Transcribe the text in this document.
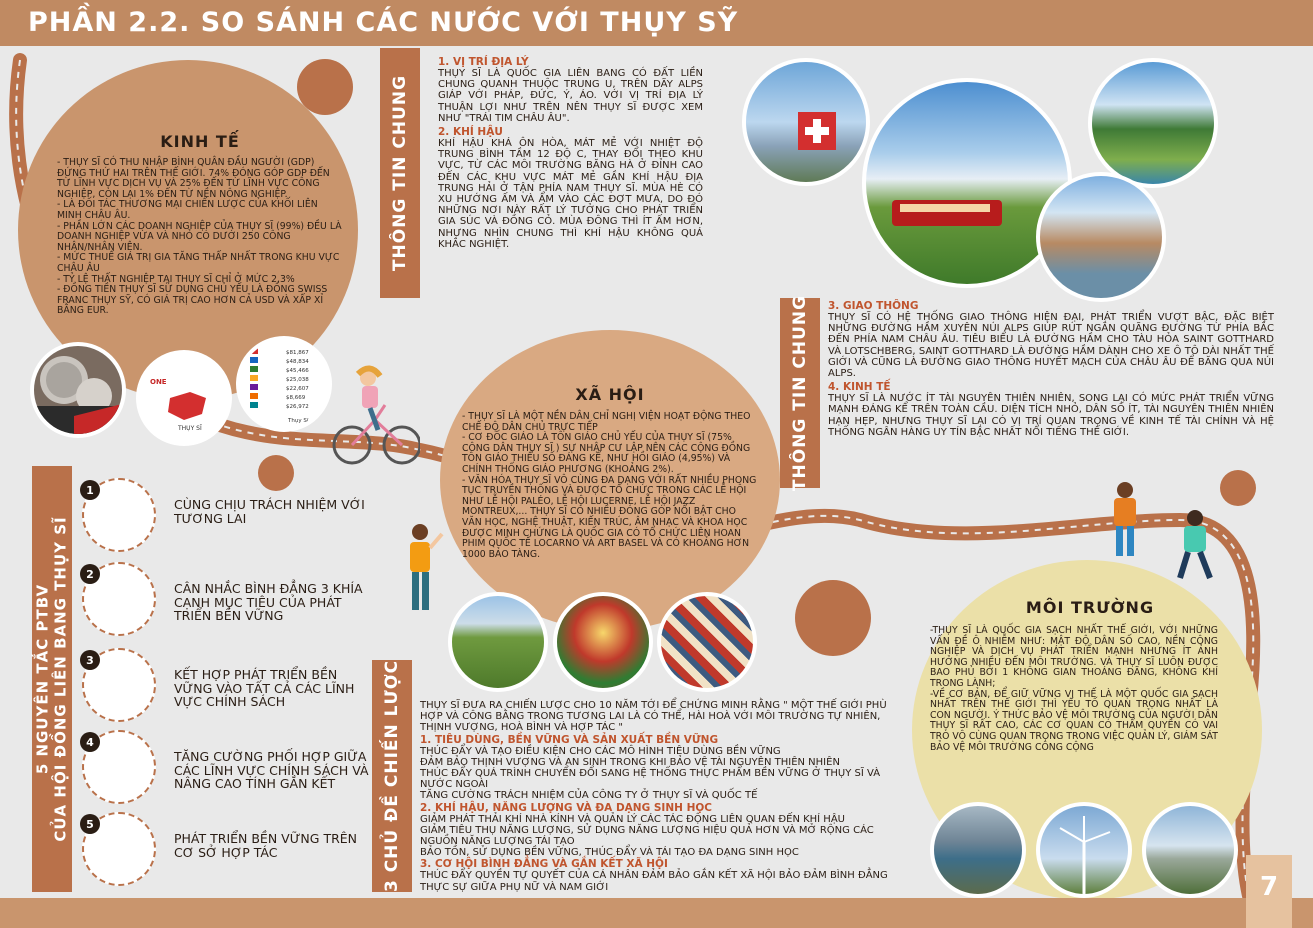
PHẦN 2.2. SO SÁNH CÁC NƯỚC VỚI THỤY SỸ
KINH TẾ
- THỤY SĨ CÓ THU NHẬP BÌNH QUÂN ĐẦU NGƯỜI (GDP) ĐỨNG THỨ HAI TRÊN THẾ GIỚI. 74% ĐÓNG GÓP GDP ĐẾN TỪ LĨNH VỰC DỊCH VỤ VÀ 25% ĐẾN TỪ LĨNH VỰC CÔNG NGHIỆP, CÒN LẠI 1% ĐẾN TỪ NỀN NÔNG NGHIỆP.
- LÀ ĐỐI TÁC THƯƠNG MẠI CHIẾN LƯỢC CỦA KHỐI LIÊN MINH CHÂU ÂU.
- PHẦN LỚN CÁC DOANH NGHIỆP CỦA THỤY SĨ (99%) ĐỀU LÀ DOANH NGHIỆP VỪA VÀ NHỎ CÓ DƯỚI 250 CÔNG NHÂN/NHÂN VIÊN.
- MỨC THUẾ GIÁ TRỊ GIA TĂNG THẤP NHẤT TRONG KHU VỰC CHÂU ÂU
- TỶ LỆ THẤT NGHIỆP TẠI THỤY SĨ CHỈ Ở MỨC 2,3%
- ĐỒNG TIỀN THỤY SĨ SỬ DỤNG CHỦ YẾU LÀ ĐỒNG SWISS FRANC THỤY SỸ, CÓ GIÁ TRỊ CAO HƠN CẢ USD VÀ XẤP XỈ BẰNG EUR.
ONE
THỤY SĨ
$81,867
$48,834
$45,466
$25,038
$22,607
$8,669
$26,972
Thụy Sĩ
THÔNG TIN CHUNG
1. VỊ TRÍ ĐỊA LÝ
THỤY SĨ LÀ QUỐC GIA LIÊN BANG CÓ ĐẤT LIỀN CHUNG QUANH THUỘC TRUNG U, TRÊN DÃY ALPS GIÁP VỚI PHÁP, ĐỨC, Ý, ÁO. VỚI VỊ TRÍ ĐỊA LÝ THUẬN LỢI NHƯ TRÊN NÊN THỤY SĨ ĐƯỢC XEM NHƯ "TRÁI TIM CHÂU ÂU".
2. KHÍ HẬU
KHÍ HẬU KHÁ ÔN HÒA, MÁT MẺ VỚI NHIỆT ĐỘ TRUNG BÌNH TẦM 12 ĐỘ C, THAY ĐỔI THEO KHU VỰC, TỪ CÁC MÔI TRƯỜNG BĂNG HÀ Ở ĐỈNH CAO ĐẾN CÁC KHU VỰC MÁT MẺ GẦN KHÍ HẬU ĐỊA TRUNG HẢI Ở TẬN PHÍA NAM THỤY SĨ. MÙA HÈ CÓ XU HƯỚNG ẤM VÀ ẨM VÀO CÁC ĐỢT MƯA, DO ĐÓ NHỮNG NƠI NÀY RẤT LÝ TƯỞNG CHO PHÁT TRIỂN GIA SÚC VÀ ĐỒNG CỎ. MÙA ĐÔNG THÌ ÍT ẤM HƠN, NHƯNG NHÌN CHUNG THÌ KHÍ HẬU KHÔNG QUÁ KHẮC NGHIỆT.
THÔNG TIN CHUNG 3. GIAO THÔNG
THỤY SĨ CÓ HỆ THỐNG GIAO THÔNG HIỆN ĐẠI, PHÁT TRIỂN VƯỢT BẬC, ĐẶC BIỆT NHỮNG ĐƯỜNG HẦM XUYÊN NÚI ALPS GIÚP RÚT NGẮN QUÃNG ĐƯỜNG TỪ PHÍA BẮC ĐẾN PHÍA NAM CHÂU ÂU. TIÊU BIỂU LÀ ĐƯỜNG HẦM CHO TÀU HỎA SAINT GOTTHARD VÀ LOTSCHBERG, SAINT GOTTHARD LÀ ĐƯỜNG HẦM DÀNH CHO XE Ô TÔ DÀI NHẤT THẾ GIỚI VÀ CŨNG LÀ ĐƯỜNG GIAO THÔNG HUYẾT MẠCH CỦA CHÂU ÂU ĐỂ BĂNG QUA NÚI ALPS.
4. KINH TẾ
THỤY SĨ LÀ NƯỚC ÍT TÀI NGUYÊN THIÊN NHIÊN, SONG LẠI CÓ MỨC PHÁT TRIỂN VỮNG MẠNH ĐÁNG KỂ TRÊN TOÀN CẦU. DIỆN TÍCH NHỎ, DÂN SỐ ÍT, TÀI NGUYÊN THIÊN NHIÊN HẠN HẸP, NHƯNG THỤY SĨ LẠI CÓ VỊ TRÍ QUAN TRỌNG VỀ KINH TẾ TÀI CHÍNH VÀ HỆ THỐNG NGÂN HÀNG UY TÍN BẬC NHẤT NỔI TIẾNG THẾ GIỚI.
XÃ HỘI
- THỤY SĨ LÀ MỘT NỀN DÂN CHỈ NGHỊ VIỆN HOẠT ĐỘNG THEO CHẾ ĐỘ DÂN CHỦ TRỰC TIẾP
- CƠ ĐỐC GIÁO LÀ TÔN GIÁO CHỦ YẾU CỦA THỤY SĨ (75% CÔNG DÂN THỤY SĨ ) SỰ NHẬP CƯ LẬP NÊN CÁC CỘNG ĐỒNG TÔN GIÁO THIỂU SỐ ĐÁNG KỂ, NHƯ HỒI GIÁO (4,95%) VÀ CHÍNH THỐNG GIÁO PHƯƠNG (KHOẢNG 2%).
- VĂN HÓA THỤY SĨ VÔ CÙNG ĐA DẠNG VỚI RẤT NHIỀU PHONG TỤC TRUYỀN THỐNG VÀ ĐƯỢC TỔ CHỨC TRONG CÁC LỄ HỘI NHƯ LỄ HỘI PALÉO, LỄ HỘI LUCERNE, LỄ HỘI JAZZ MONTREUX,... THỤY SĨ CÓ NHIỀU ĐÓNG GÓP NỔI BẬT CHO VĂN HỌC, NGHỆ THUẬT, KIẾN TRÚC, ÂM NHẠC VÀ KHOA HỌC ĐƯỢC MINH CHỨNG LÀ QUỐC GIA CÓ TỔ CHỨC LIÊN HOAN PHIM QUỐC TẾ LOCARNO VÀ ART BASEL VÀ CÓ KHOẢNG HƠN 1000 BẢO TÀNG.
5 NGUYÊN TẮC PTBV CỦA HỘI ĐỒNG LIÊN BANG THỤY SĨ
1
CÙNG CHỊU TRÁCH NHIỆM VỚI TƯƠNG LAI
2
CÂN NHẮC BÌNH ĐẲNG 3 KHÍA CẠNH MỤC TIÊU CỦA PHÁT TRIỂN BỀN VỮNG
3
KẾT HỢP PHÁT TRIỂN BỀN VỮNG VÀO TẤT CẢ CÁC LĨNH VỰC CHÍNH SÁCH
4
TĂNG CƯỜNG PHỐI HỢP GIỮA CÁC LĨNH VỰC CHÍNH SÁCH VÀ NÂNG CAO TÍNH GẮN KẾT
5
PHÁT TRIỂN BỀN VỮNG TRÊN CƠ SỞ HỢP TÁC	3 CHỦ ĐỀ CHIẾN LƯỢC THỤY SĨ ĐƯA RA CHIẾN LƯỢC CHO 10 NĂM TỚI ĐỂ CHỨNG MINH RẰNG " MỘT THẾ GIỚI PHÙ HỢP VÀ CÔNG BẰNG TRONG TƯƠNG LAI LÀ CÓ THỂ, HÀI HOÀ VỚI MÔI TRƯỜNG TỰ NHIÊN, THỊNH VƯỢNG, HOÀ BÌNH VÀ HỢP TÁC "
1. TIÊU DÙNG, BỀN VỮNG VÀ SẢN XUẤT BỀN VỮNG
THÚC ĐẨY VÀ TẠO ĐIỀU KIỆN CHO CÁC MÔ HÌNH TIÊU DÙNG BỀN VỮNG
ĐẢM BẢO THỊNH VƯỢNG VÀ AN SINH TRONG KHI BẢO VỆ TÀI NGUYÊN THIÊN NHIÊN
THÚC ĐẨY QUÁ TRÌNH CHUYỂN ĐỔI SANG HỆ THỐNG THỰC PHẨM BỀN VỮNG Ở THỤY SĨ VÀ NƯỚC NGOÀI
TĂNG CƯỜNG TRÁCH NHIỆM CỦA CÔNG TY Ở THỤY SĨ VÀ QUỐC TẾ
2. KHÍ HẬU, NĂNG LƯỢNG VÀ ĐA DẠNG SINH HỌC
GIẢM PHÁT THẢI KHÍ NHÀ KÍNH VÀ QUẢN LÝ CÁC TÁC ĐỘNG LIÊN QUAN ĐẾN KHÍ HẬU
GIẢM TIÊU THỤ NĂNG LƯỢNG, SỬ DỤNG NĂNG LƯỢNG HIỆU QUẢ HƠN VÀ MỞ RỘNG CÁC NGUỒN NĂNG LƯỢNG TÁI TẠO
BẢO TỒN, SỬ DỤNG BỀN VỮNG, THÚC ĐẨY VÀ TÁI TẠO ĐA DẠNG SINH HỌC
3. CƠ HỘI BÌNH ĐẲNG VÀ GẮN KẾT XÃ HỘI
THÚC ĐẨY QUYỀN TỰ QUYẾT CỦA CÁ NHÂN ĐẢM BẢO GẮN KẾT XÃ HỘI BẢO ĐẢM BÌNH ĐẲNG THỰC SỰ GIỮA PHỤ NỮ VÀ NAM GIỚI
MÔI TRƯỜNG
-THỤY SĨ LÀ QUỐC GIA SẠCH NHẤT THẾ GIỚI, VỚI NHỮNG VẤN ĐỀ Ô NHIỄM NHƯ: MẬT ĐỘ DÂN SỐ CAO, NỀN CÔNG NGHIỆP VÀ DỊCH VỤ PHÁT TRIỂN MẠNH NHƯNG ÍT ẢNH HƯỞNG NHIỀU ĐẾN MÔI TRƯỜNG. VÀ THỤY SĨ LUÔN ĐƯỢC BAO PHỦ BỞI 1 KHÔNG GIAN THOÁNG ĐÃNG, KHÔNG KHÍ TRONG LÀNH;
-VỀ CƠ BẢN, ĐỂ GIỮ VỮNG VỊ THẾ LÀ MỘT QUỐC GIA SẠCH NHẤT TRÊN THẾ GIỚI THÌ YẾU TỐ QUAN TRỌNG NHẤT LÀ CON NGƯỜI. Ý THỨC BẢO VỆ MÔI TRƯỜNG CỦA NGƯỜI DÂN THỤY SĨ RẤT CAO, CÁC CƠ QUAN CÓ THẨM QUYỀN CÓ VAI TRÒ VÔ CÙNG QUAN TRỌNG TRONG VIỆC QUẢN LÝ, GIÁM SÁT BẢO VỆ MÔI TRƯỜNG CÔNG CỘNG
7
